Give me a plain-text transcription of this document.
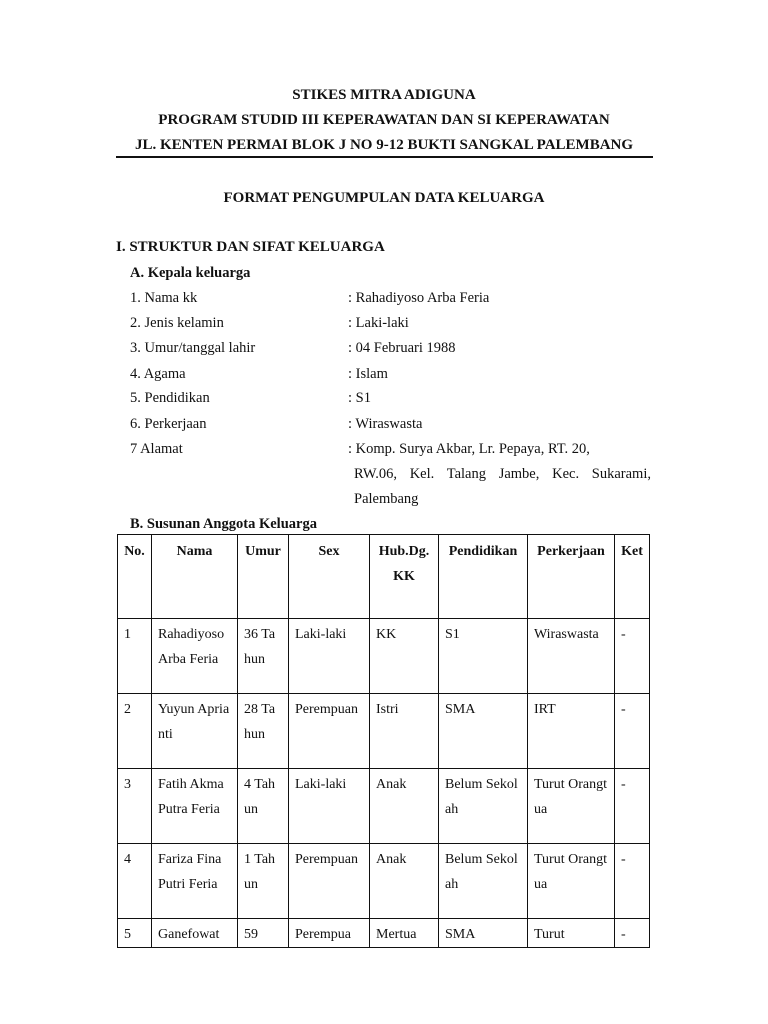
STIKES MITRA ADIGUNA
PROGRAM STUDID III KEPERAWATAN DAN SI KEPERAWATAN
JL. KENTEN PERMAI BLOK J NO 9-12 BUKTI SANGKAL PALEMBANG
FORMAT PENGUMPULAN DATA KELUARGA
I. STRUKTUR DAN SIFAT KELUARGA
A. Kepala keluarga
1. Nama kk	: Rahadiyoso Arba Feria
2. Jenis kelamin	: Laki-laki
3. Umur/tanggal lahir	: 04 Februari 1988
4. Agama	: Islam
5. Pendidikan	: S1
6. Perkerjaan	: Wiraswasta
7 Alamat	: Komp. Surya Akbar, Lr. Pepaya, RT. 20,
RW.06, Kel. Talang Jambe, Kec. Sukarami,
Palembang
B. Susunan Anggota Keluarga
No.	Nama	Umur	Sex	Hub.Dg. KK	Pendidikan	Perkerjaan	Ket
1	Rahadiyoso Arba Feria	36 Tahun	Laki-laki	KK	S1	Wiraswasta	-
2	Yuyun Aprianti	28 Tahun	Perempuan	Istri	SMA	IRT	-
3	Fatih Akma Putra Feria	4 Tahun	Laki-laki	Anak	Belum Sekolah	Turut Orangtua	-
4	Fariza Fina Putri Feria	1 Tahun	Perempuan	Anak	Belum Sekolah	Turut Orangtua	-
5	Ganefowat	59	Perempua	Mertua	SMA	Turut	-
